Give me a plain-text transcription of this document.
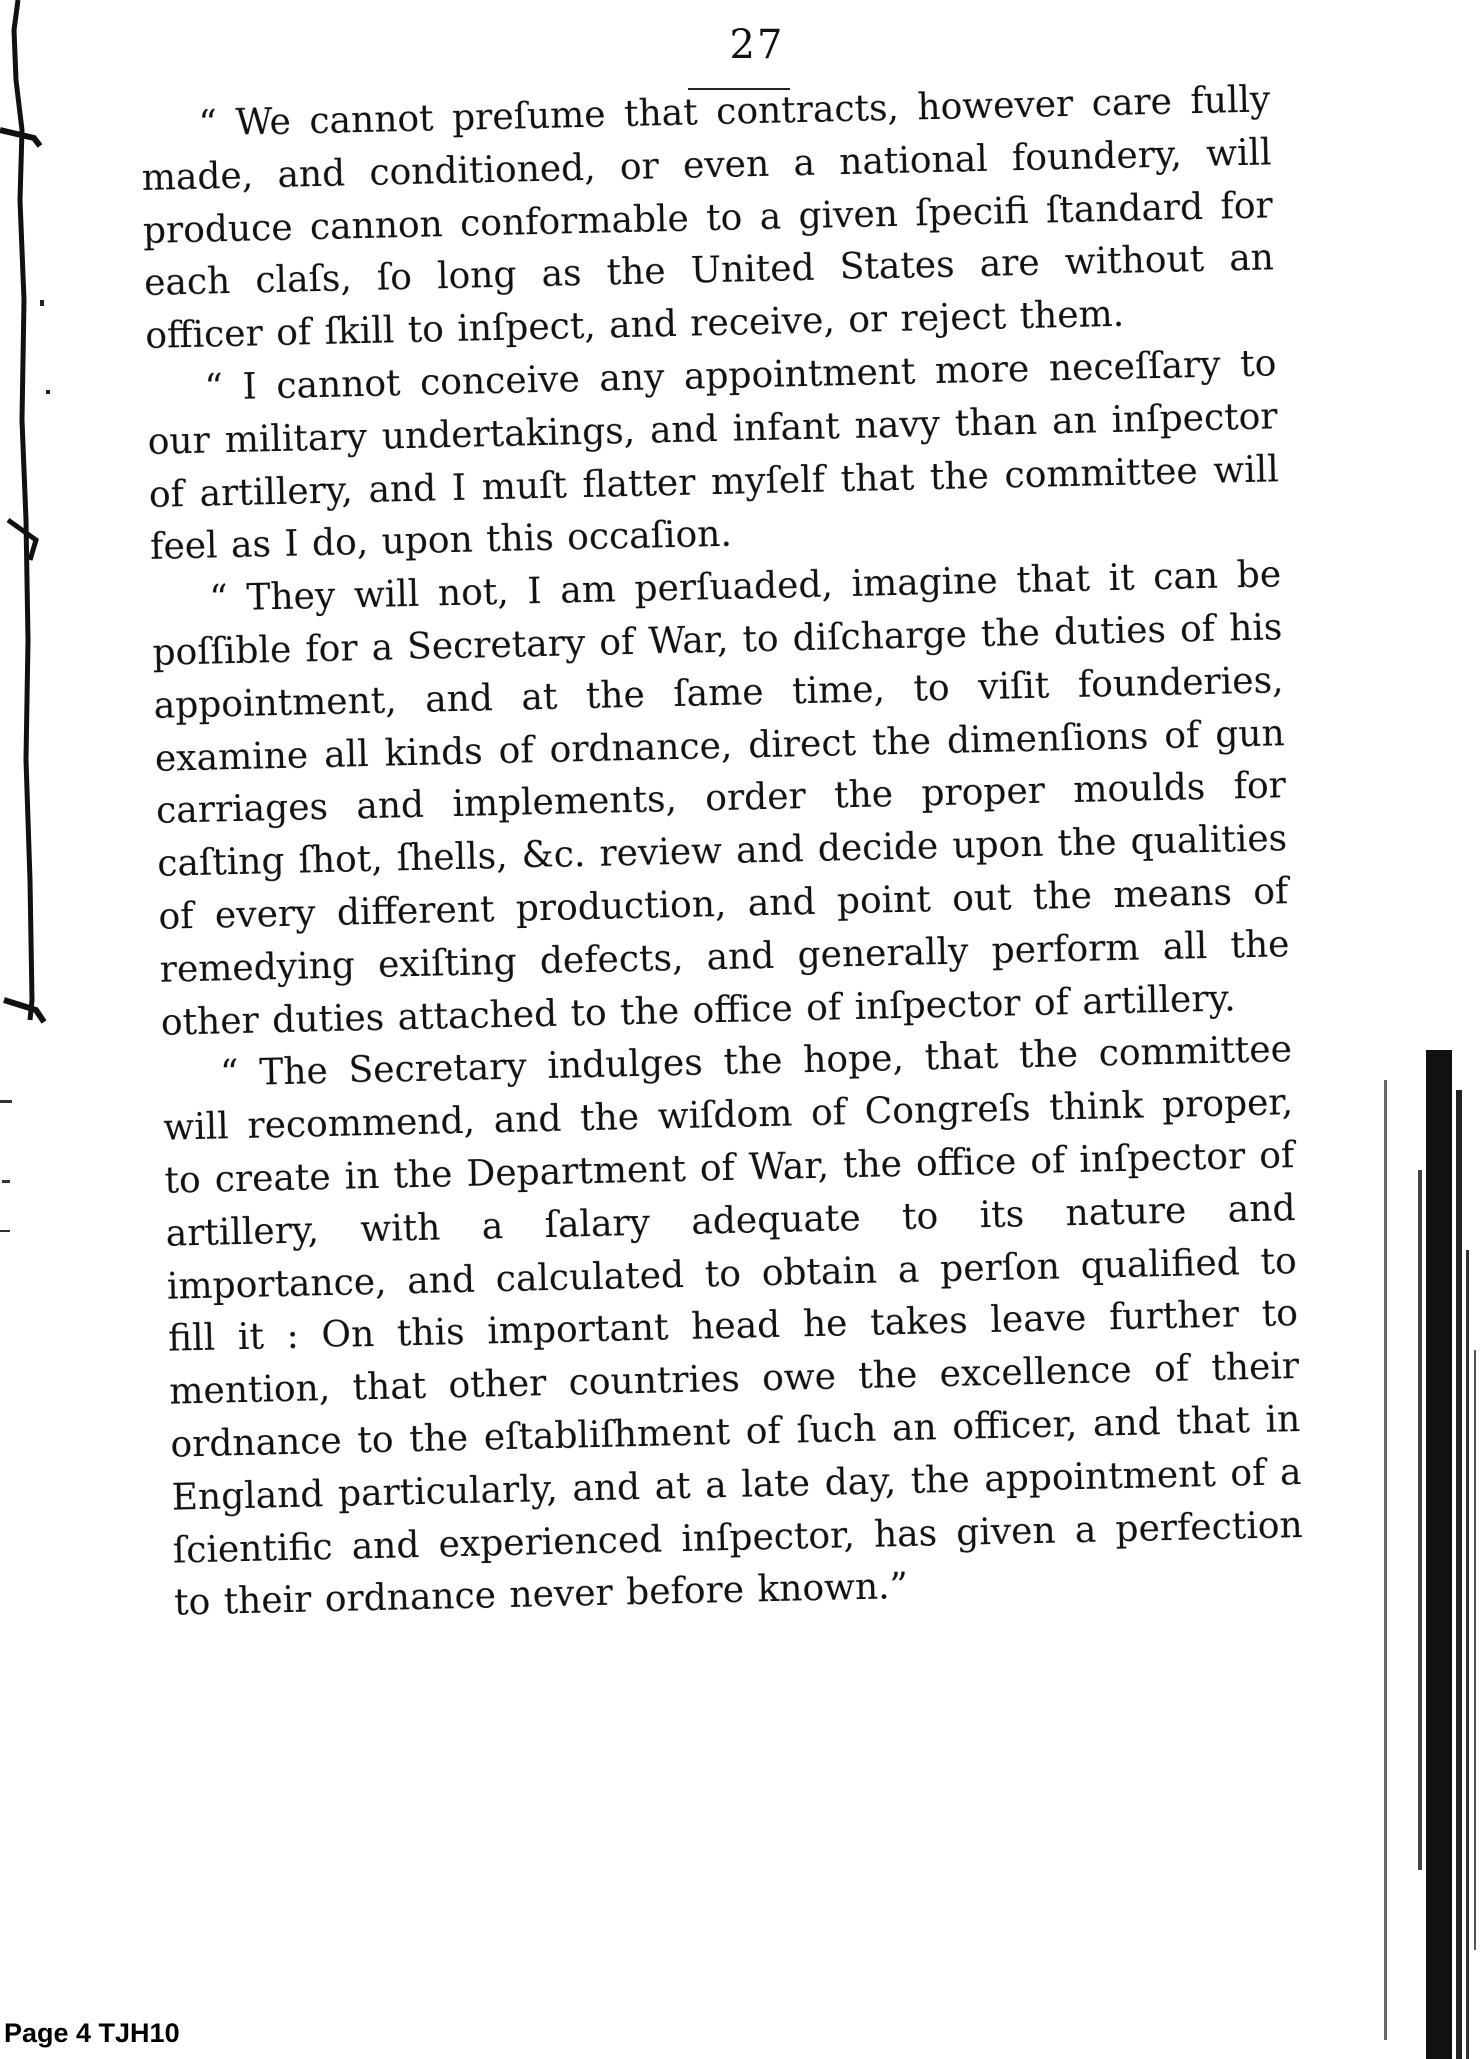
27

“ We cannot preſume that contracts, however care fully made, and conditioned, or even a national foundery, will produce cannon conformable to a given ſpecifi ſtandard for each claſs, ſo long as the United States are without an officer of ſkill to inſpect, and receive, or reject them.

“ I cannot conceive any appointment more neceſſary to our military undertakings, and infant navy than an inſpector of artillery, and I muſt flatter myſelf that the committee will feel as I do, upon this occaſion.

“ They will not, I am perſuaded, imagine that it can be poſſible for a Secretary of War, to diſcharge the duties of his appointment, and at the ſame time, to viſit founderies, examine all kinds of ordnance, direct the dimenſions of gun carriages and implements, order the proper moulds for caſting ſhot, ſhells, &c. review and decide upon the qualities of every different production, and point out the means of remedying exiſting defects, and generally perform all the other duties attached to the office of inſpector of artillery.

“ The Secretary indulges the hope, that the committee will recommend, and the wiſdom of Congreſs think proper, to create in the Department of War, the office of inſpector of artillery, with a ſalary adequate to its nature and importance, and calculated to obtain a perſon qualified to fill it : On this important head he takes leave further to mention, that other countries owe the excellence of their ordnance to the eſtabliſhment of ſuch an officer, and that in England particularly, and at a late day, the appointment of a ſcientific and experienced inſpector, has given a perfection to their ordnance never before known.”

Page 4 TJH10
